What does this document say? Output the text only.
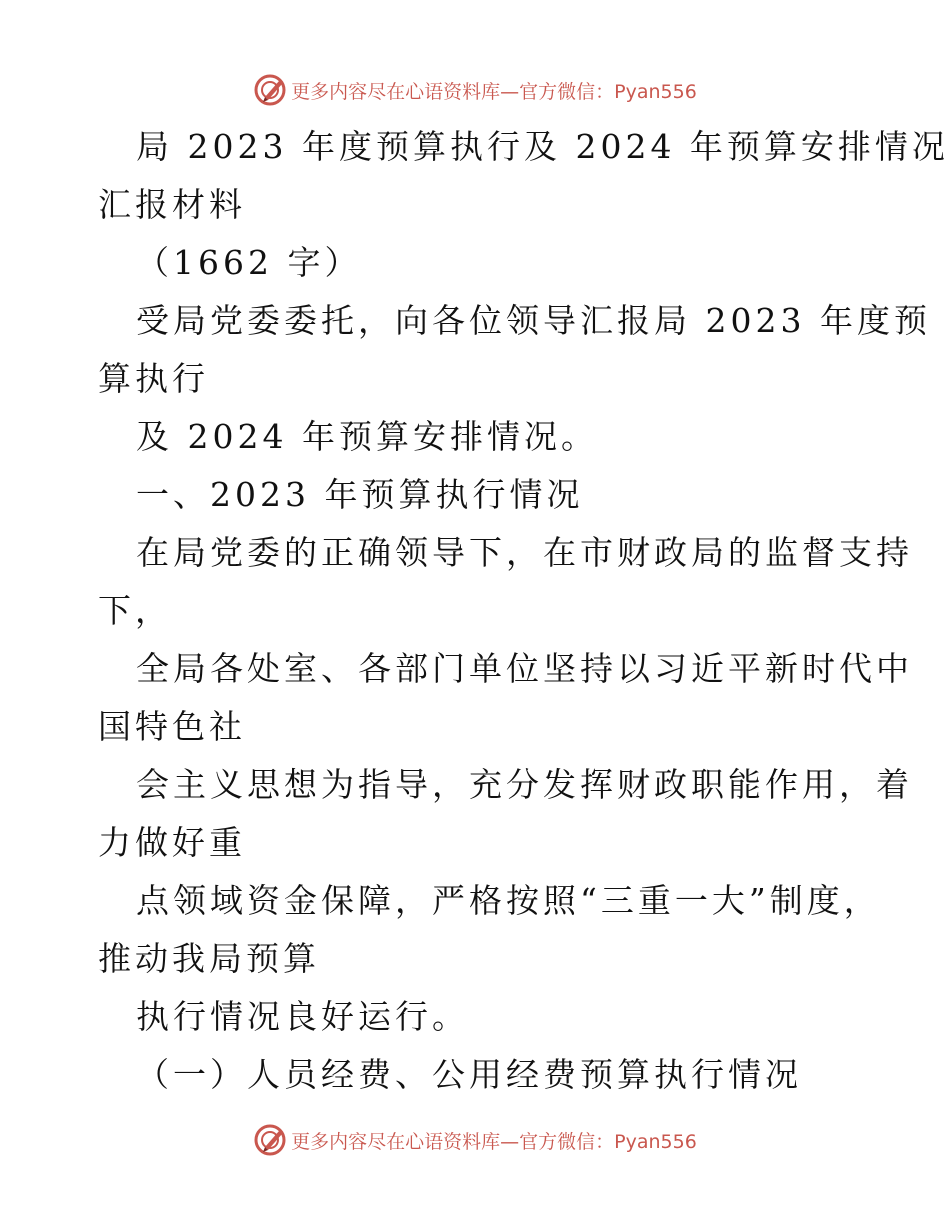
更多内容尽在心语资料库—官方微信：Pyan556

局 2023 年度预算执行及 2024 年预算安排情况

汇报材料

（1662 字）

受局党委委托，向各位领导汇报局 2023 年度预

算执行

及 2024 年预算安排情况。

一、2023 年预算执行情况

在局党委的正确领导下，在市财政局的监督支持

下，

全局各处室、各部门单位坚持以习近平新时代中

国特色社

会主义思想为指导，充分发挥财政职能作用，着

力做好重

点领域资金保障，严格按照“三重一大”制度，

推动我局预算

执行情况良好运行。

（一）人员经费、公用经费预算执行情况

更多内容尽在心语资料库—官方微信：Pyan556
